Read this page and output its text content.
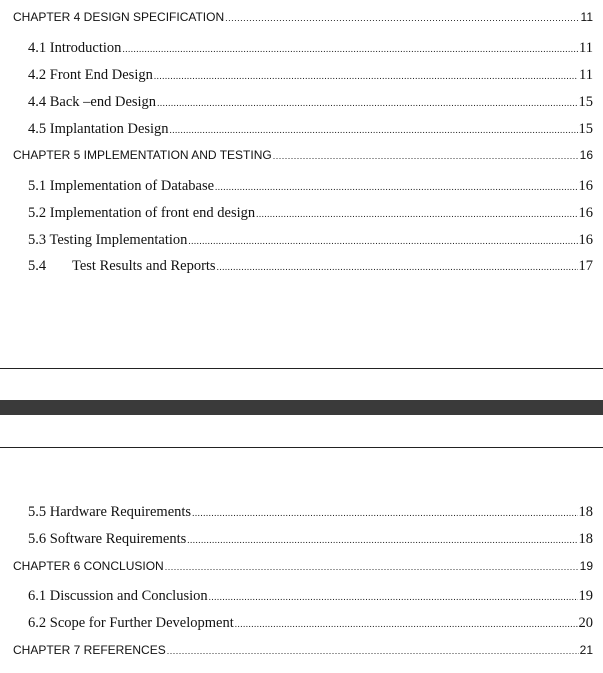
CHAPTER 4 DESIGN SPECIFICATION .....	11
4.1 Introduction .....	11
4.2 Front End Design .....	11
4.4 Back –end Design .....	15
4.5 Implantation Design .....	15
CHAPTER 5 IMPLEMENTATION AND TESTING .....	16
5.1 Implementation of Database .....	16
5.2 Implementation of front end design .....	16
5.3 Testing Implementation .....	16
5.4 Test Results and Reports .....	17
5.5 Hardware Requirements .....	18
5.6 Software Requirements .....	18
CHAPTER 6 CONCLUSION .....	19
6.1 Discussion and Conclusion .....	19
6.2 Scope for Further Development .....	20
CHAPTER 7 REFERENCES .....	21
